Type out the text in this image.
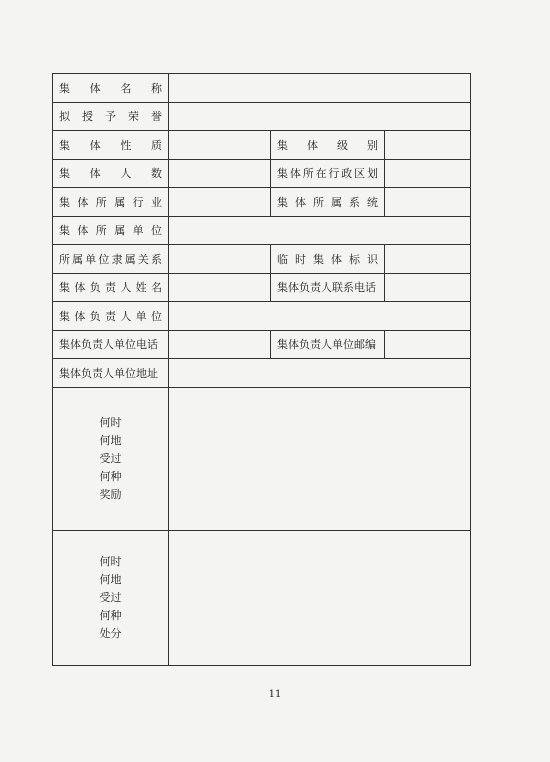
集体名称			
拟授予荣誉			
集体性质		集体级别	
集体人数		集体所在行政区划	
集体所属行业		集体所属系统	
集体所属单位			
所属单位隶属关系		临时集体标识	
集体负责人姓名		集体负责人联系电话	
集体负责人单位			
集体负责人单位电话		集体负责人单位邮编	
集体负责人单位地址			

何时
何地
受过
何种
奖励			

何时
何地
受过
何种
处分			

11
